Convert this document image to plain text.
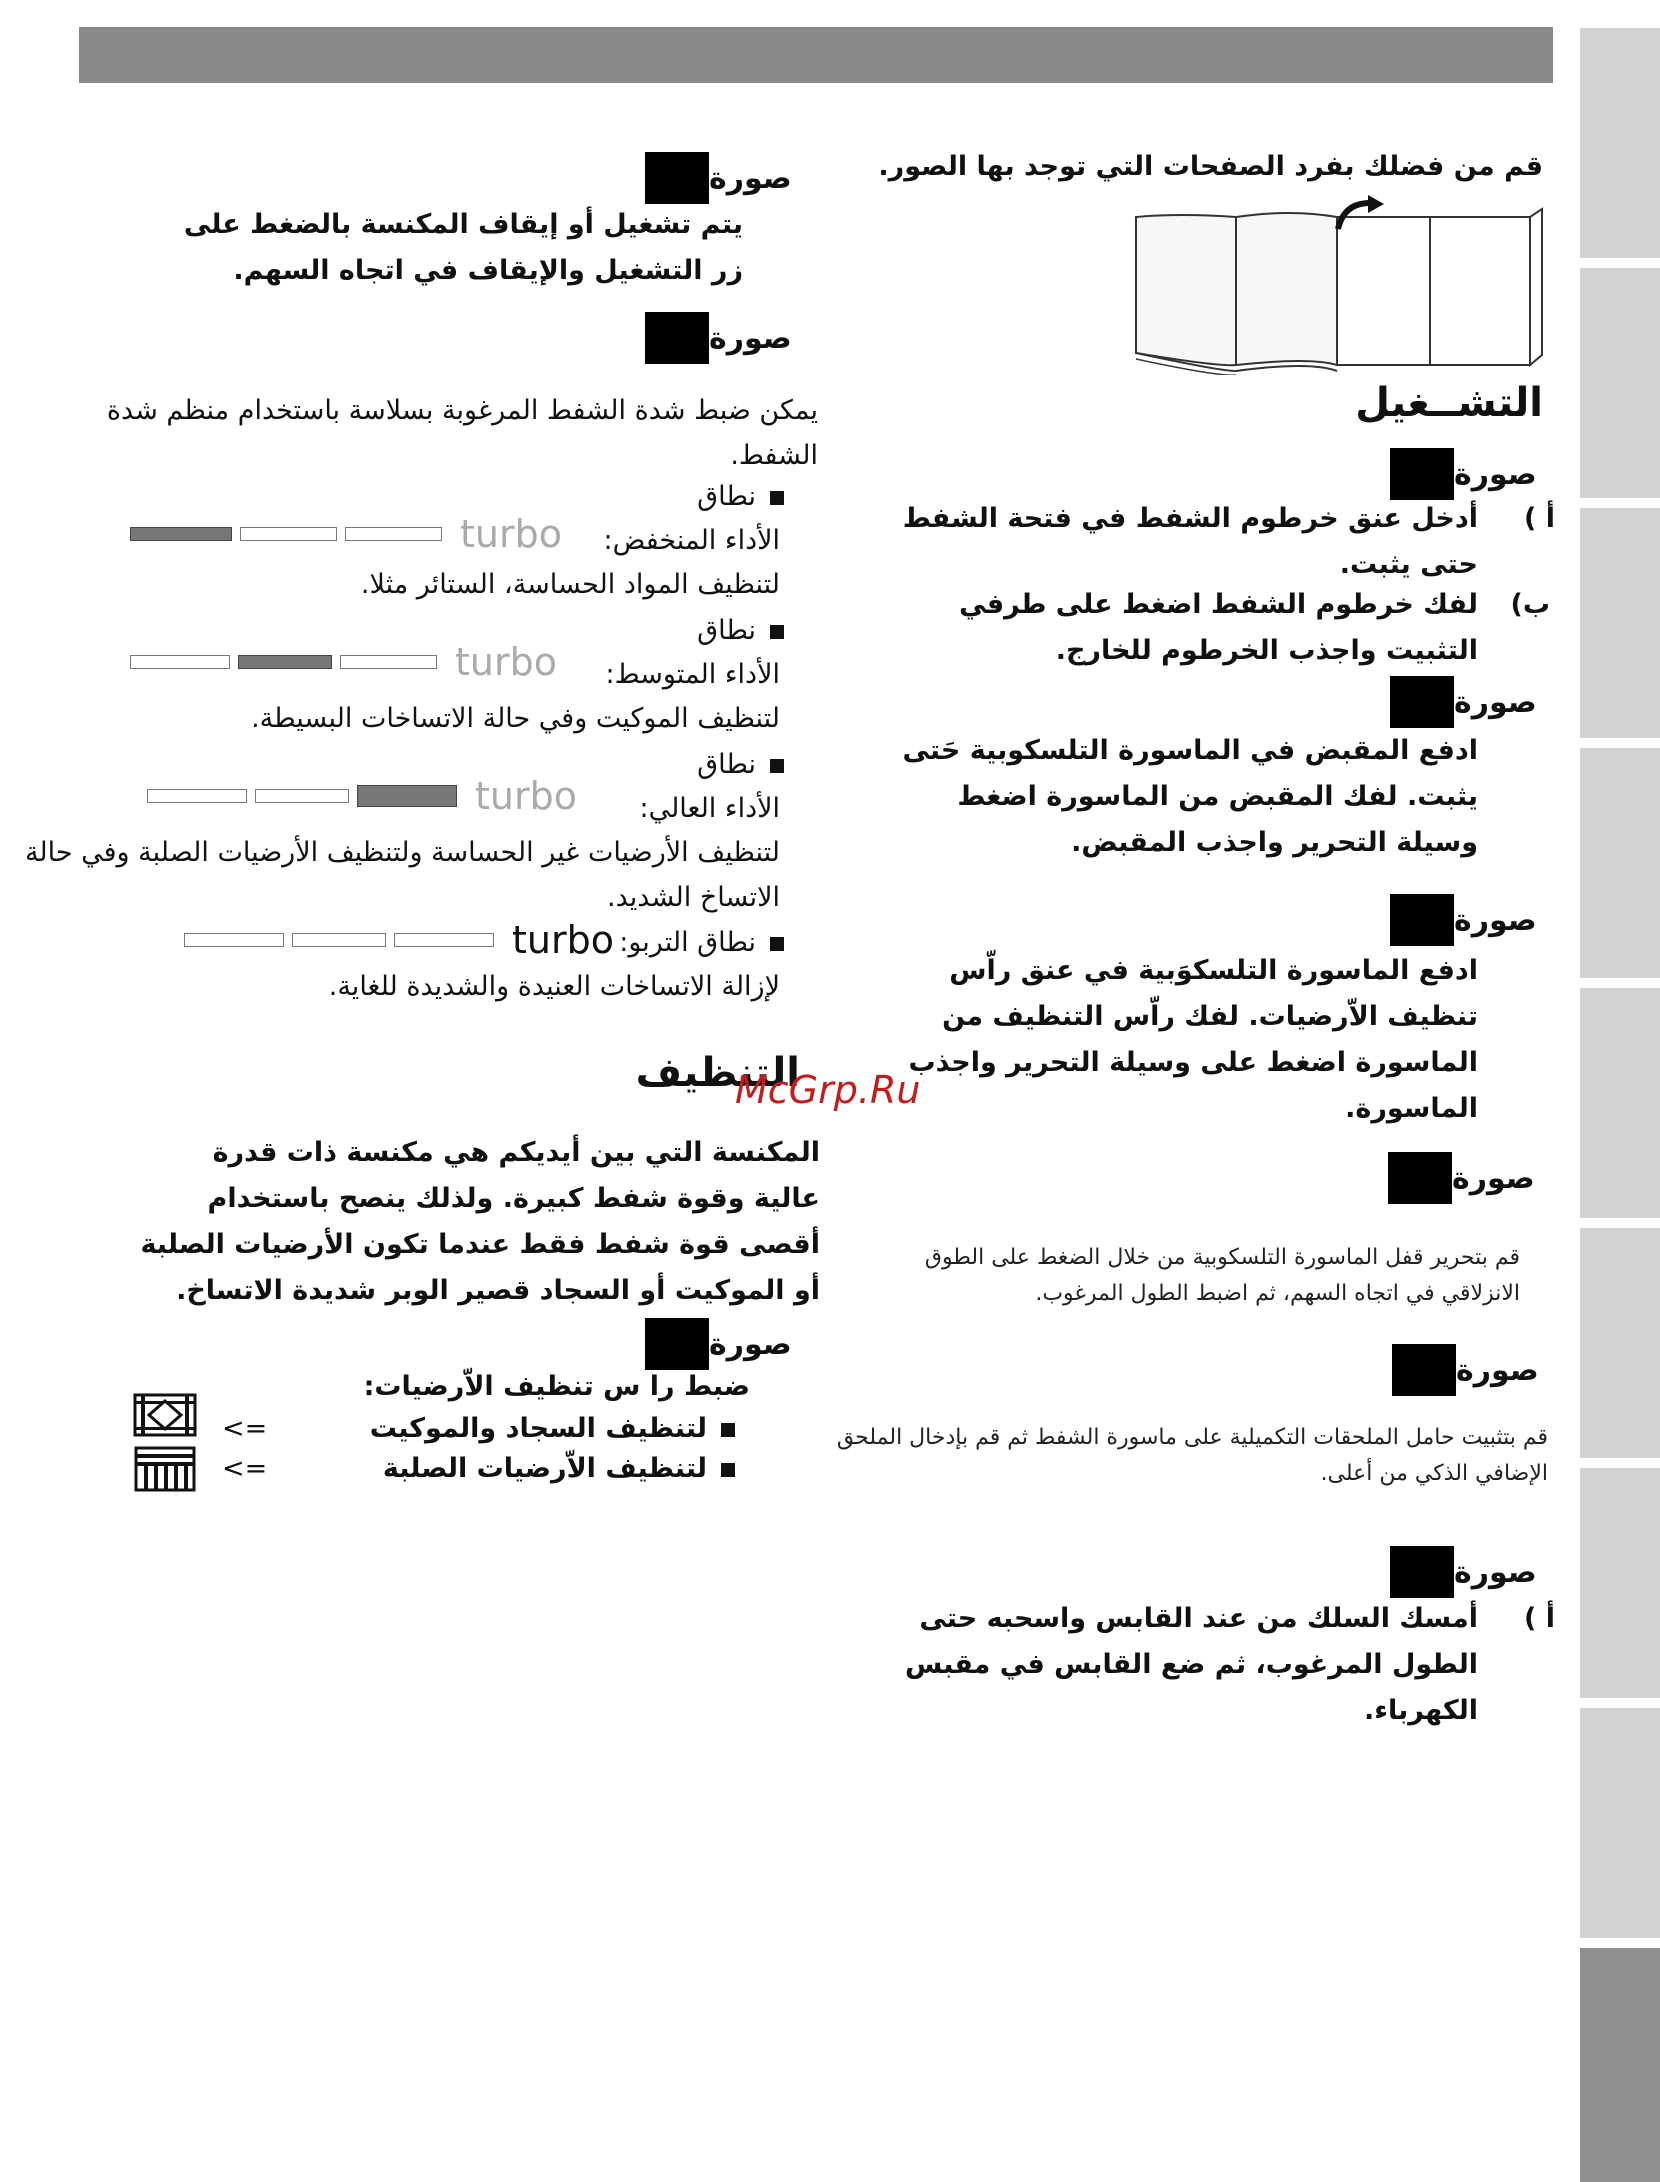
قم من فضلك بفرد الصفحات التي توجد بها الصور.
التشــغيل
صورة
أ )
أدخل عنق خرطوم الشفط في فتحة الشفط حتى يثبت.
ب)
لفك خرطوم الشفط اضغط على طرفي التثبيت واجذب الخرطوم للخارج.
صورة
ادفع المقبض في الماسورة التلسكوبية حَتى يثبت. لفك المقبض من الماسورة اضغط وسيلة التحرير واجذب المقبض.
صورة
ادفع الماسورة التلسكوَبية في عنق راّس تنظيف الاّرضيات. لفك راّس التنظيف من الماسورة اضغط على وسيلة التحرير واجذب الماسورة.
صورة
قم بتحرير قفل الماسورة التلسكوبية من خلال الضغط على الطوق الانزلاقي في اتجاه السهم، ثم اضبط الطول المرغوب.
صورة
قم بتثبيت حامل الملحقات التكميلية على ماسورة الشفط ثم قم بإدخال الملحق الإضافي الذكي من أعلى.
صورة
أ )
أمسك السلك من عند القابس واسحبه حتى الطول المرغوب، ثم ضع القابس في مقبس الكهرباء.
صورة
يتم تشغيل أو إيقاف المكنسة بالضغط على زر التشغيل والإيقاف في اتجاه السهم.
صورة
يمكن ضبط شدة الشفط المرغوبة بسلاسة باستخدام منظم شدة الشفط.
نطاق
الأداء المنخفض:
turbo
لتنظيف المواد الحساسة، الستائر مثلا.
نطاق
الأداء المتوسط:
turbo
لتنظيف الموكيت وفي حالة الاتساخات البسيطة.
نطاق
الأداء العالي:
turbo
لتنظيف الأرضيات غير الحساسة ولتنظيف الأرضيات الصلبة وفي حالة الاتساخ الشديد.
نطاق التربو:
turbo
لإزالة الاتساخات العنيدة والشديدة للغاية.
التنظيف
McGrp.Ru
المكنسة التي بين أيديكم هي مكنسة ذات قدرة عالية وقوة شفط كبيرة. ولذلك ينصح باستخدام أقصى قوة شفط فقط عندما تكون الأرضيات الصلبة أو الموكيت أو السجاد قصير الوبر شديدة الاتساخ.
صورة
ضبط را س تنظيف الاّرضيات:
لتنظيف السجاد والموكيت
<=
لتنظيف الاّرضيات الصلبة
<=
